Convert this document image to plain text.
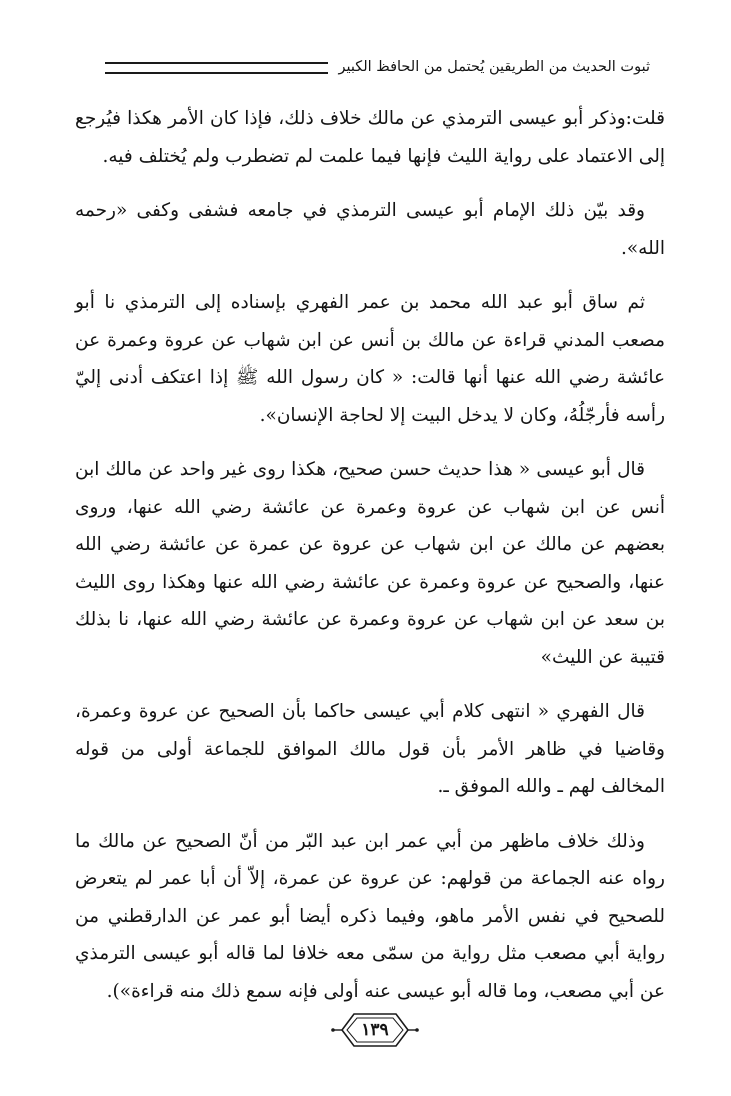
ثبوت الحديث من الطريقين يُحتمل من الحافظ الكبير

قلت:وذكر أبو عيسى الترمذي عن مالك خلاف ذلك، فإذا كان الأمر هكذا فيُرجع إلى الاعتماد على رواية الليث فإنها فيما علمت لم تضطرب ولم يُختلف فيه.

وقد بيّن ذلك الإمام أبو عيسى الترمذي في جامعه فشفى وكفى «رحمه الله».

ثم ساق أبو عبد الله محمد بن عمر الفهري بإسناده إلى الترمذي نا أبو مصعب المدني قراءة عن مالك بن أنس عن ابن شهاب عن عروة وعمرة عن عائشة رضي الله عنها أنها قالت: « كان رسول الله ﷺ إذا اعتكف أدنى إليّ رأسه فأرجّلُهُ، وكان لا يدخل البيت إلا لحاجة الإنسان».

قال أبو عيسى « هذا حديث حسن صحيح، هكذا روى غير واحد عن مالك ابن أنس عن ابن شهاب عن عروة وعمرة عن عائشة رضي الله عنها، وروى بعضهم عن مالك عن ابن شهاب عن عروة عن عمرة عن عائشة رضي الله عنها، والصحيح عن عروة وعمرة عن عائشة رضي الله عنها وهكذا روى الليث بن سعد عن ابن شهاب عن عروة وعمرة عن عائشة رضي الله عنها، نا بذلك قتيبة عن الليث»

قال الفهري « انتهى كلام أبي عيسى حاكما بأن الصحيح عن عروة وعمرة، وقاضيا في ظاهر الأمر بأن قول مالك الموافق للجماعة أولى من قوله المخالف لهم ـ والله الموفق ـ.

وذلك خلاف ماظهر من أبي عمر ابن عبد البّر من أنّ الصحيح عن مالك ما رواه عنه الجماعة من قولهم: عن عروة عن عمرة، إلاّ أن أبا عمر لم يتعرض للصحيح في نفس الأمر ماهو، وفيما ذكره أيضا أبو عمر عن الدارقطني من رواية أبي مصعب مثل رواية من سمّى معه خلافا لما قاله أبو عيسى الترمذي عن أبي مصعب، وما قاله أبو عيسى عنه أولى فإنه سمع ذلك منه قراءة»).

١٣٩
